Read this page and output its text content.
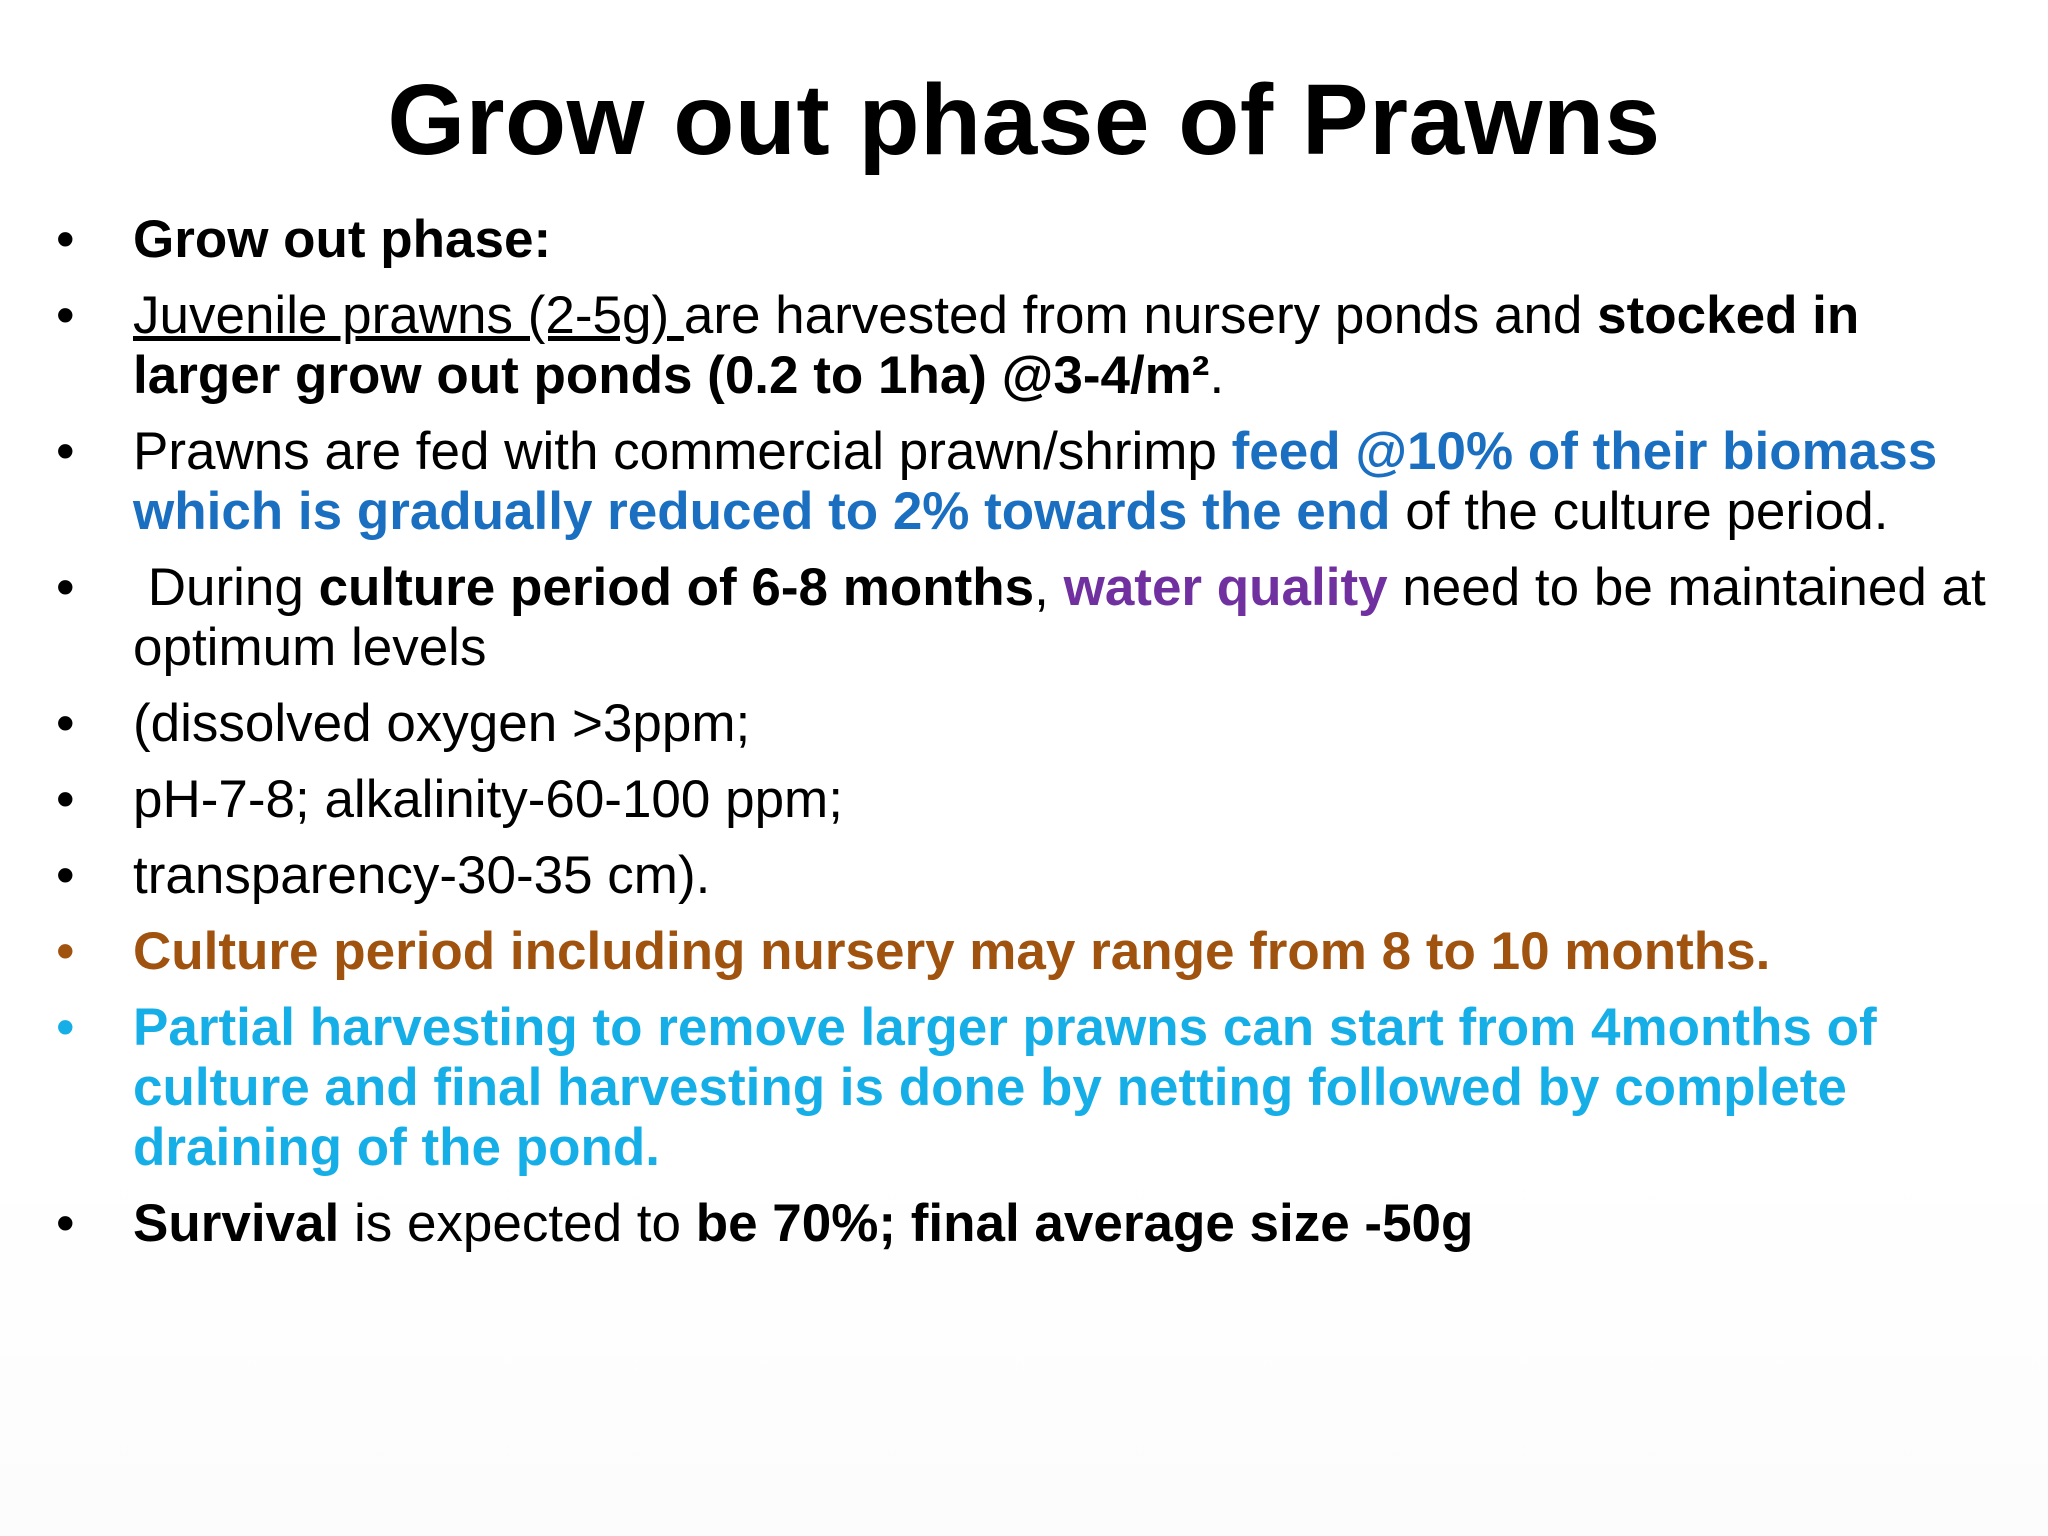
Grow out phase of Prawns
• Grow out phase:
• Juvenile prawns (2-5g) are harvested from nursery ponds and stocked in larger grow out ponds (0.2 to 1ha) @3-4/m².
• Prawns are fed with commercial prawn/shrimp feed @10% of their biomass which is gradually reduced to 2% towards the end of the culture period.
• During culture period of 6-8 months, water quality need to be maintained at optimum levels
• (dissolved oxygen >3ppm;
• pH-7-8; alkalinity-60-100 ppm;
• transparency-30-35 cm).
• Culture period including nursery may range from 8 to 10 months.
• Partial harvesting to remove larger prawns can start from 4months of culture and final harvesting is done by netting followed by complete draining of the pond.
• Survival is expected to be 70%; final average size -50g
